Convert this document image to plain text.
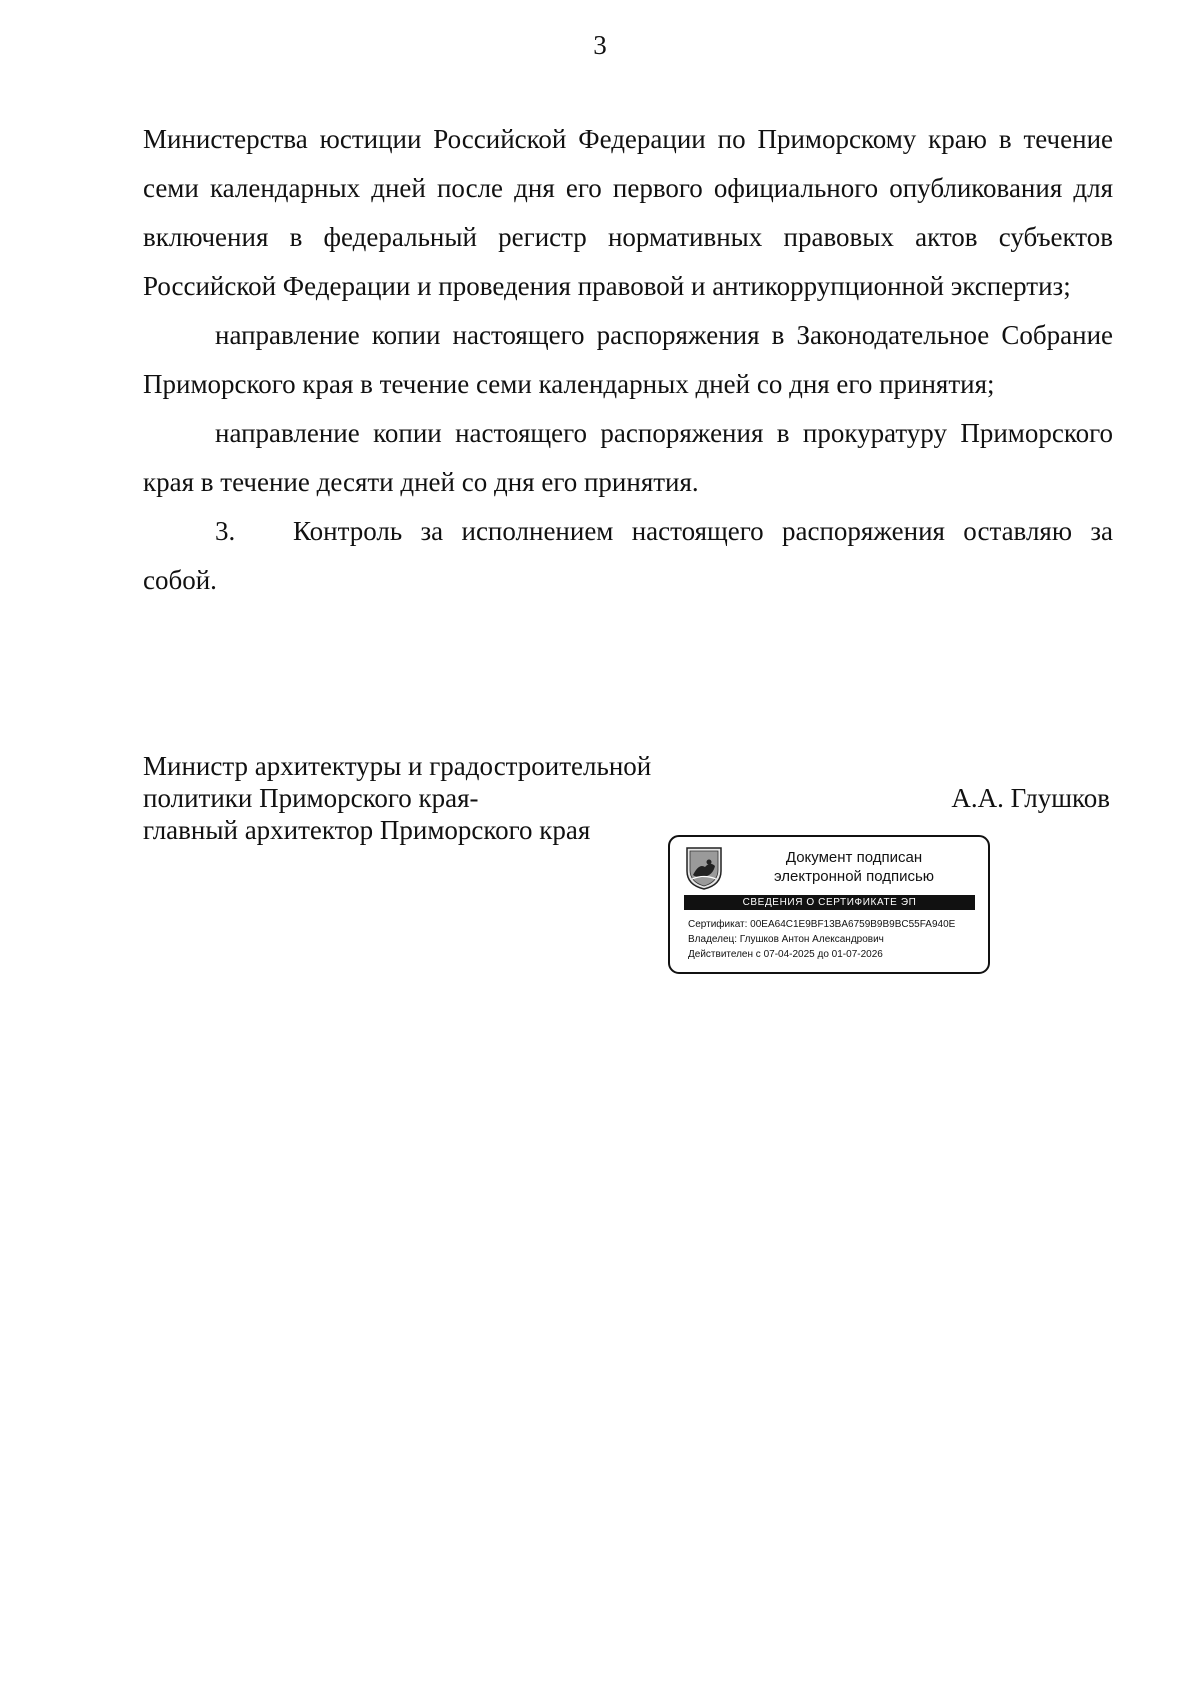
3

Министерства юстиции Российской Федерации по Приморскому краю в течение семи календарных дней после дня его первого официального опубликования для включения в федеральный регистр нормативных правовых актов субъектов Российской Федерации и проведения правовой и антикоррупционной экспертиз;

направление копии настоящего распоряжения в Законодательное Собрание Приморского края в течение семи календарных дней со дня его принятия;

направление копии настоящего распоряжения в прокуратуру Приморского края в течение десяти дней со дня его принятия.

3. Контроль за исполнением настоящего распоряжения оставляю за собой.

Министр архитектуры и градостроительной
политики Приморского края-
главный архитектор Приморского края
А.А. Глушков
Документ подписан
электронной подписью
СВЕДЕНИЯ О СЕРТИФИКАТЕ ЭП
Сертификат: 00EA64C1E9BF13BA6759B9B9BC55FA940E
Владелец: Глушков Антон Александрович
Действителен с 07-04-2025 до 01-07-2026
